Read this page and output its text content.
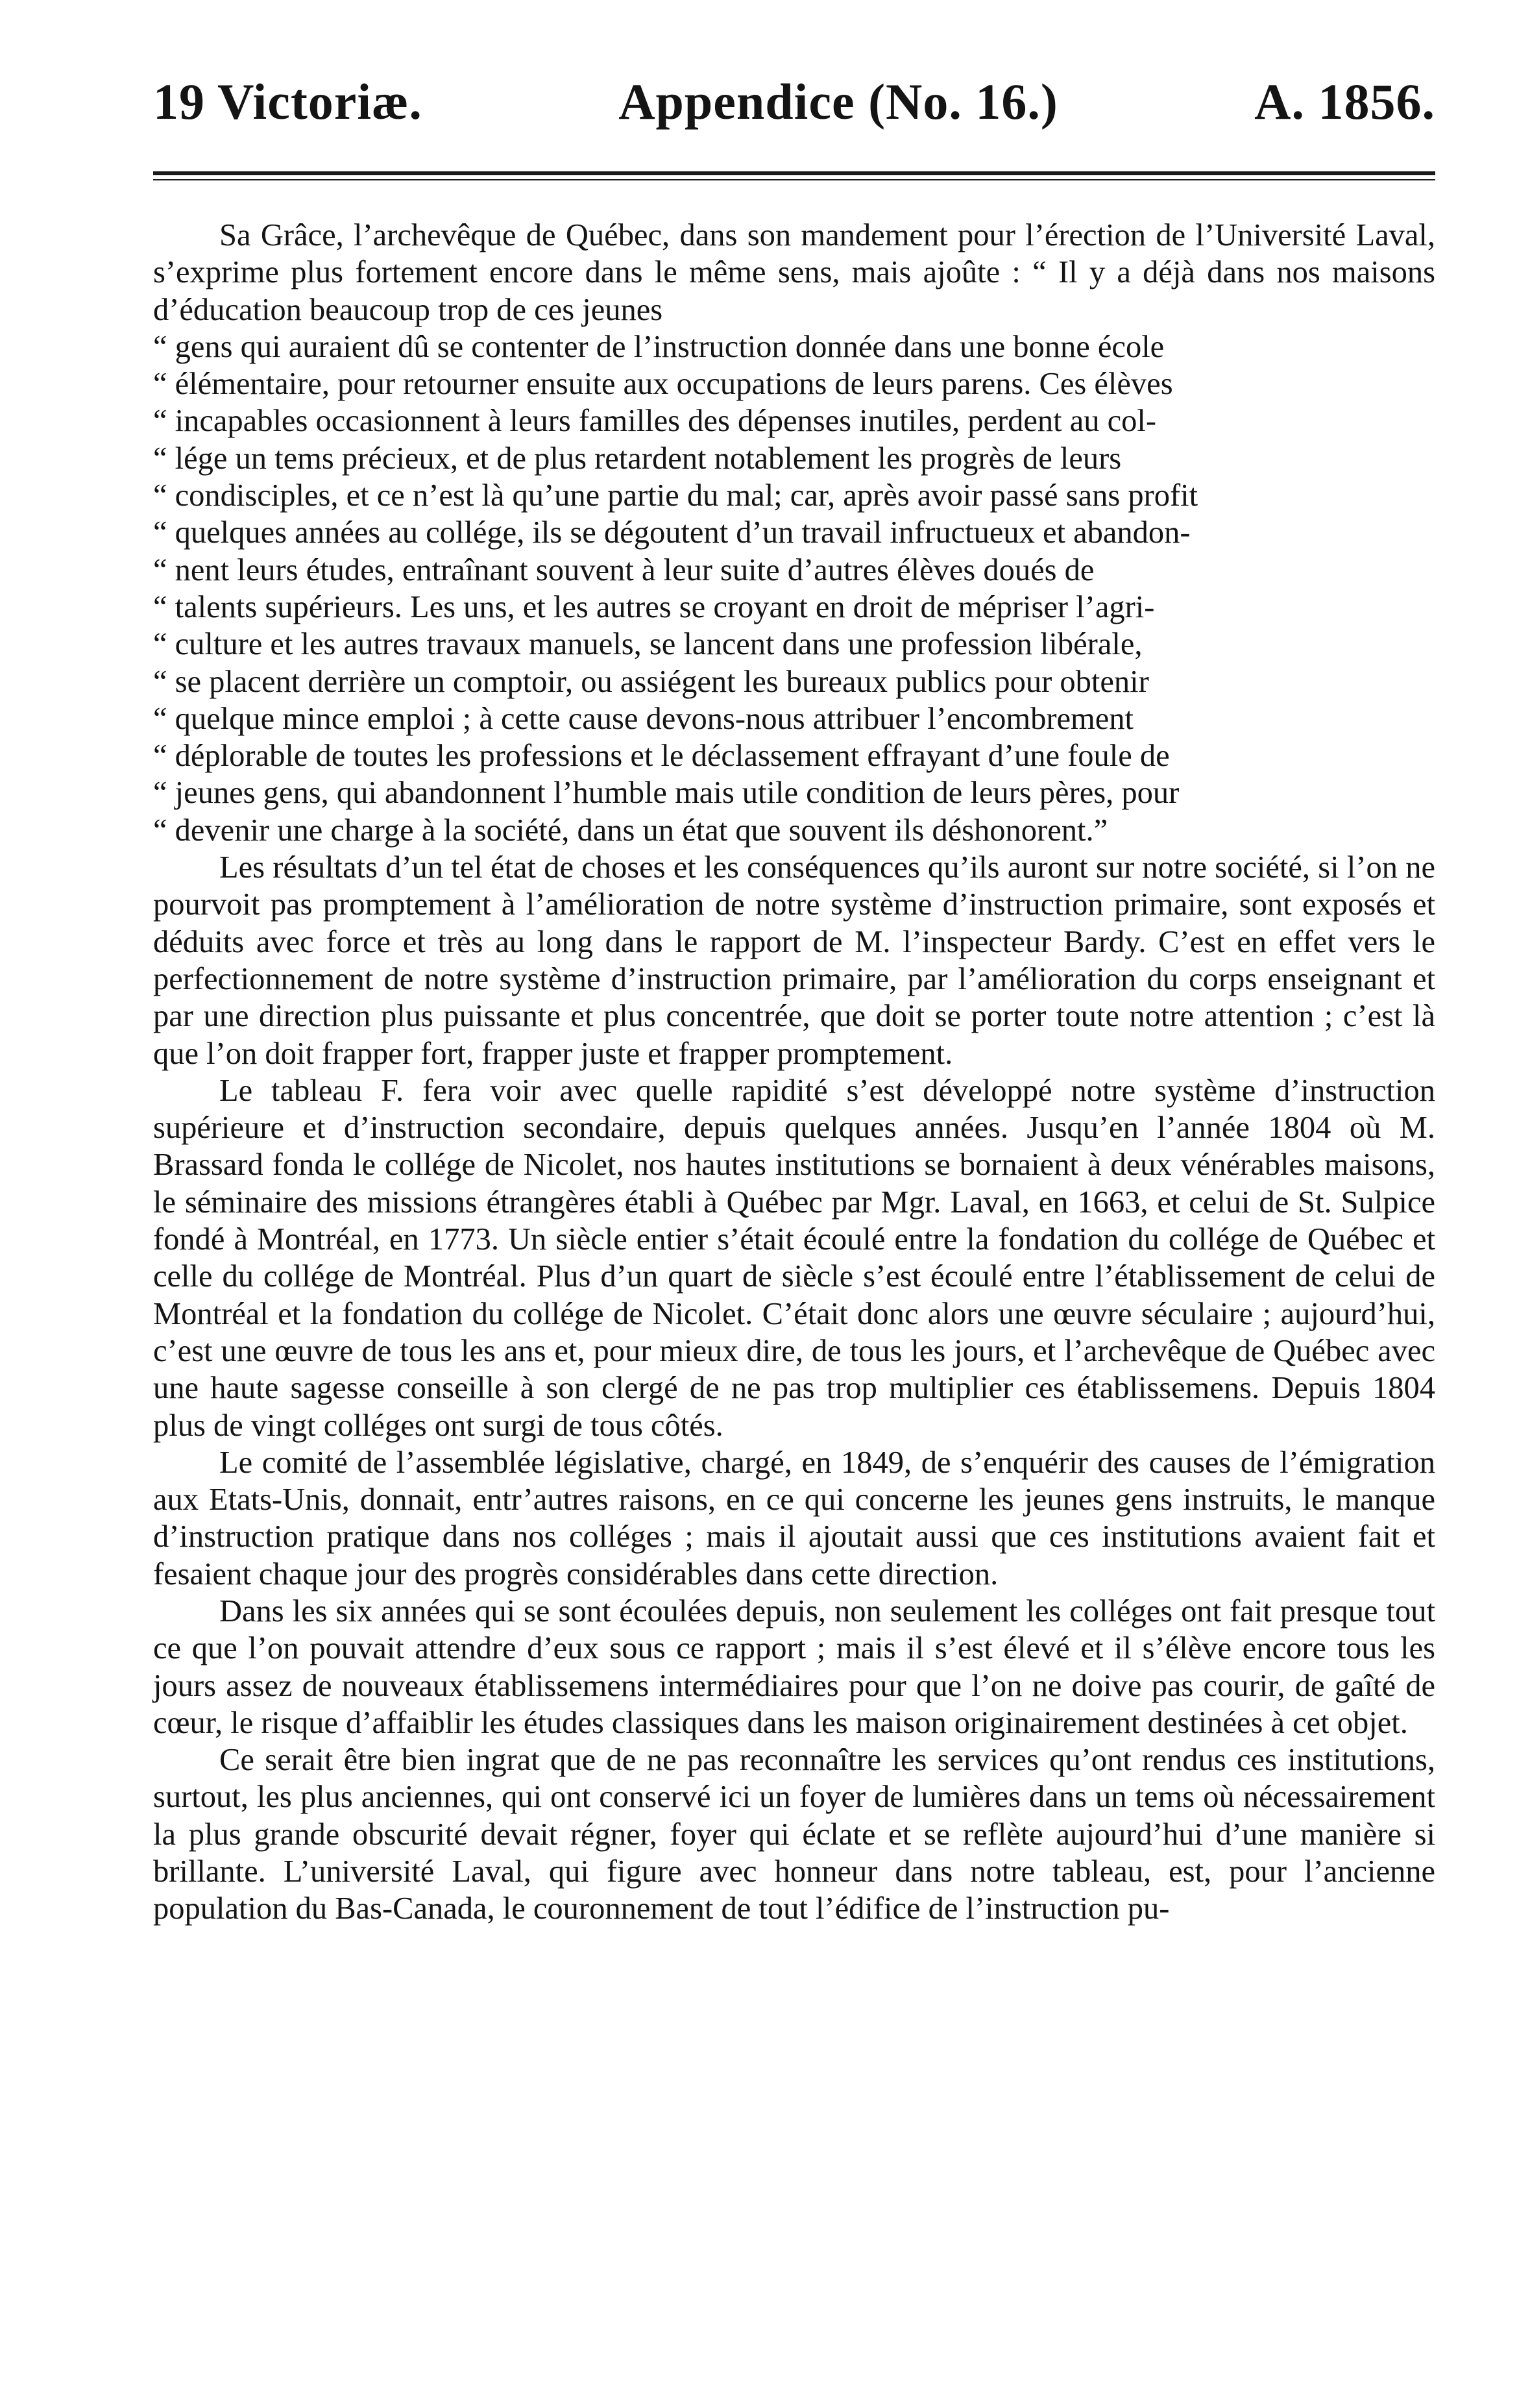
19 Victoriæ.	Appendice (No. 16.)	A. 1856.
Sa Grâce, l’archevêque de Québec, dans son mandement pour l’érection de l’Université Laval, s’exprime plus fortement encore dans le même sens, mais ajoûte : “ Il y a déjà dans nos maisons d’éducation beaucoup trop de ces jeunes
“ gens qui auraient dû se contenter de l’instruction donnée dans une bonne école
“ élémentaire, pour retourner ensuite aux occupations de leurs parens. Ces élèves
“ incapables occasionnent à leurs familles des dépenses inutiles, perdent au col-
“ lége un tems précieux, et de plus retardent notablement les progrès de leurs
“ condisciples, et ce n’est là qu’une partie du mal; car, après avoir passé sans profit
“ quelques années au collége, ils se dégoutent d’un travail infructueux et abandon-
“ nent leurs études, entraînant souvent à leur suite d’autres élèves doués de
“ talents supérieurs. Les uns, et les autres se croyant en droit de mépriser l’agri-
“ culture et les autres travaux manuels, se lancent dans une profession libérale,
“ se placent derrière un comptoir, ou assiégent les bureaux publics pour obtenir
“ quelque mince emploi ; à cette cause devons-nous attribuer l’encombrement
“ déplorable de toutes les professions et le déclassement effrayant d’une foule de
“ jeunes gens, qui abandonnent l’humble mais utile condition de leurs pères, pour
“ devenir une charge à la société, dans un état que souvent ils déshonorent.”

Les résultats d’un tel état de choses et les conséquences qu’ils auront sur notre société, si l’on ne pourvoit pas promptement à l’amélioration de notre système d’instruction primaire, sont exposés et déduits avec force et très au long dans le rapport de M. l’inspecteur Bardy. C’est en effet vers le perfectionnement de notre système d’instruction primaire, par l’amélioration du corps enseignant et par une direction plus puissante et plus concentrée, que doit se porter toute notre attention ; c’est là que l’on doit frapper fort, frapper juste et frapper promptement.

Le tableau F. fera voir avec quelle rapidité s’est développé notre système d’instruction supérieure et d’instruction secondaire, depuis quelques années. Jusqu’en l’année 1804 où M. Brassard fonda le collége de Nicolet, nos hautes institutions se bornaient à deux vénérables maisons, le séminaire des missions étrangères établi à Québec par Mgr. Laval, en 1663, et celui de St. Sulpice fondé à Montréal, en 1773. Un siècle entier s’était écoulé entre la fondation du collége de Québec et celle du collége de Montréal. Plus d’un quart de siècle s’est écoulé entre l’établissement de celui de Montréal et la fondation du collége de Nicolet. C’était donc alors une œuvre séculaire ; aujourd’hui, c’est une œuvre de tous les ans et, pour mieux dire, de tous les jours, et l’archevêque de Québec avec une haute sagesse conseille à son clergé de ne pas trop multiplier ces établissemens. Depuis 1804 plus de vingt colléges ont surgi de tous côtés.

Le comité de l’assemblée législative, chargé, en 1849, de s’enquérir des causes de l’émigration aux Etats-Unis, donnait, entr’autres raisons, en ce qui concerne les jeunes gens instruits, le manque d’instruction pratique dans nos colléges ; mais il ajoutait aussi que ces institutions avaient fait et fesaient chaque jour des progrès considérables dans cette direction.

Dans les six années qui se sont écoulées depuis, non seulement les colléges ont fait presque tout ce que l’on pouvait attendre d’eux sous ce rapport ; mais il s’est élevé et il s’élève encore tous les jours assez de nouveaux établissemens intermédiaires pour que l’on ne doive pas courir, de gaîté de cœur, le risque d’affaiblir les études classiques dans les maison originairement destinées à cet objet.

Ce serait être bien ingrat que de ne pas reconnaître les services qu’ont rendus ces institutions, surtout, les plus anciennes, qui ont conservé ici un foyer de lumières dans un tems où nécessairement la plus grande obscurité devait régner, foyer qui éclate et se reflète aujourd’hui d’une manière si brillante. L’université Laval, qui figure avec honneur dans notre tableau, est, pour l’ancienne population du Bas-Canada, le couronnement de tout l’édifice de l’instruction pu-
